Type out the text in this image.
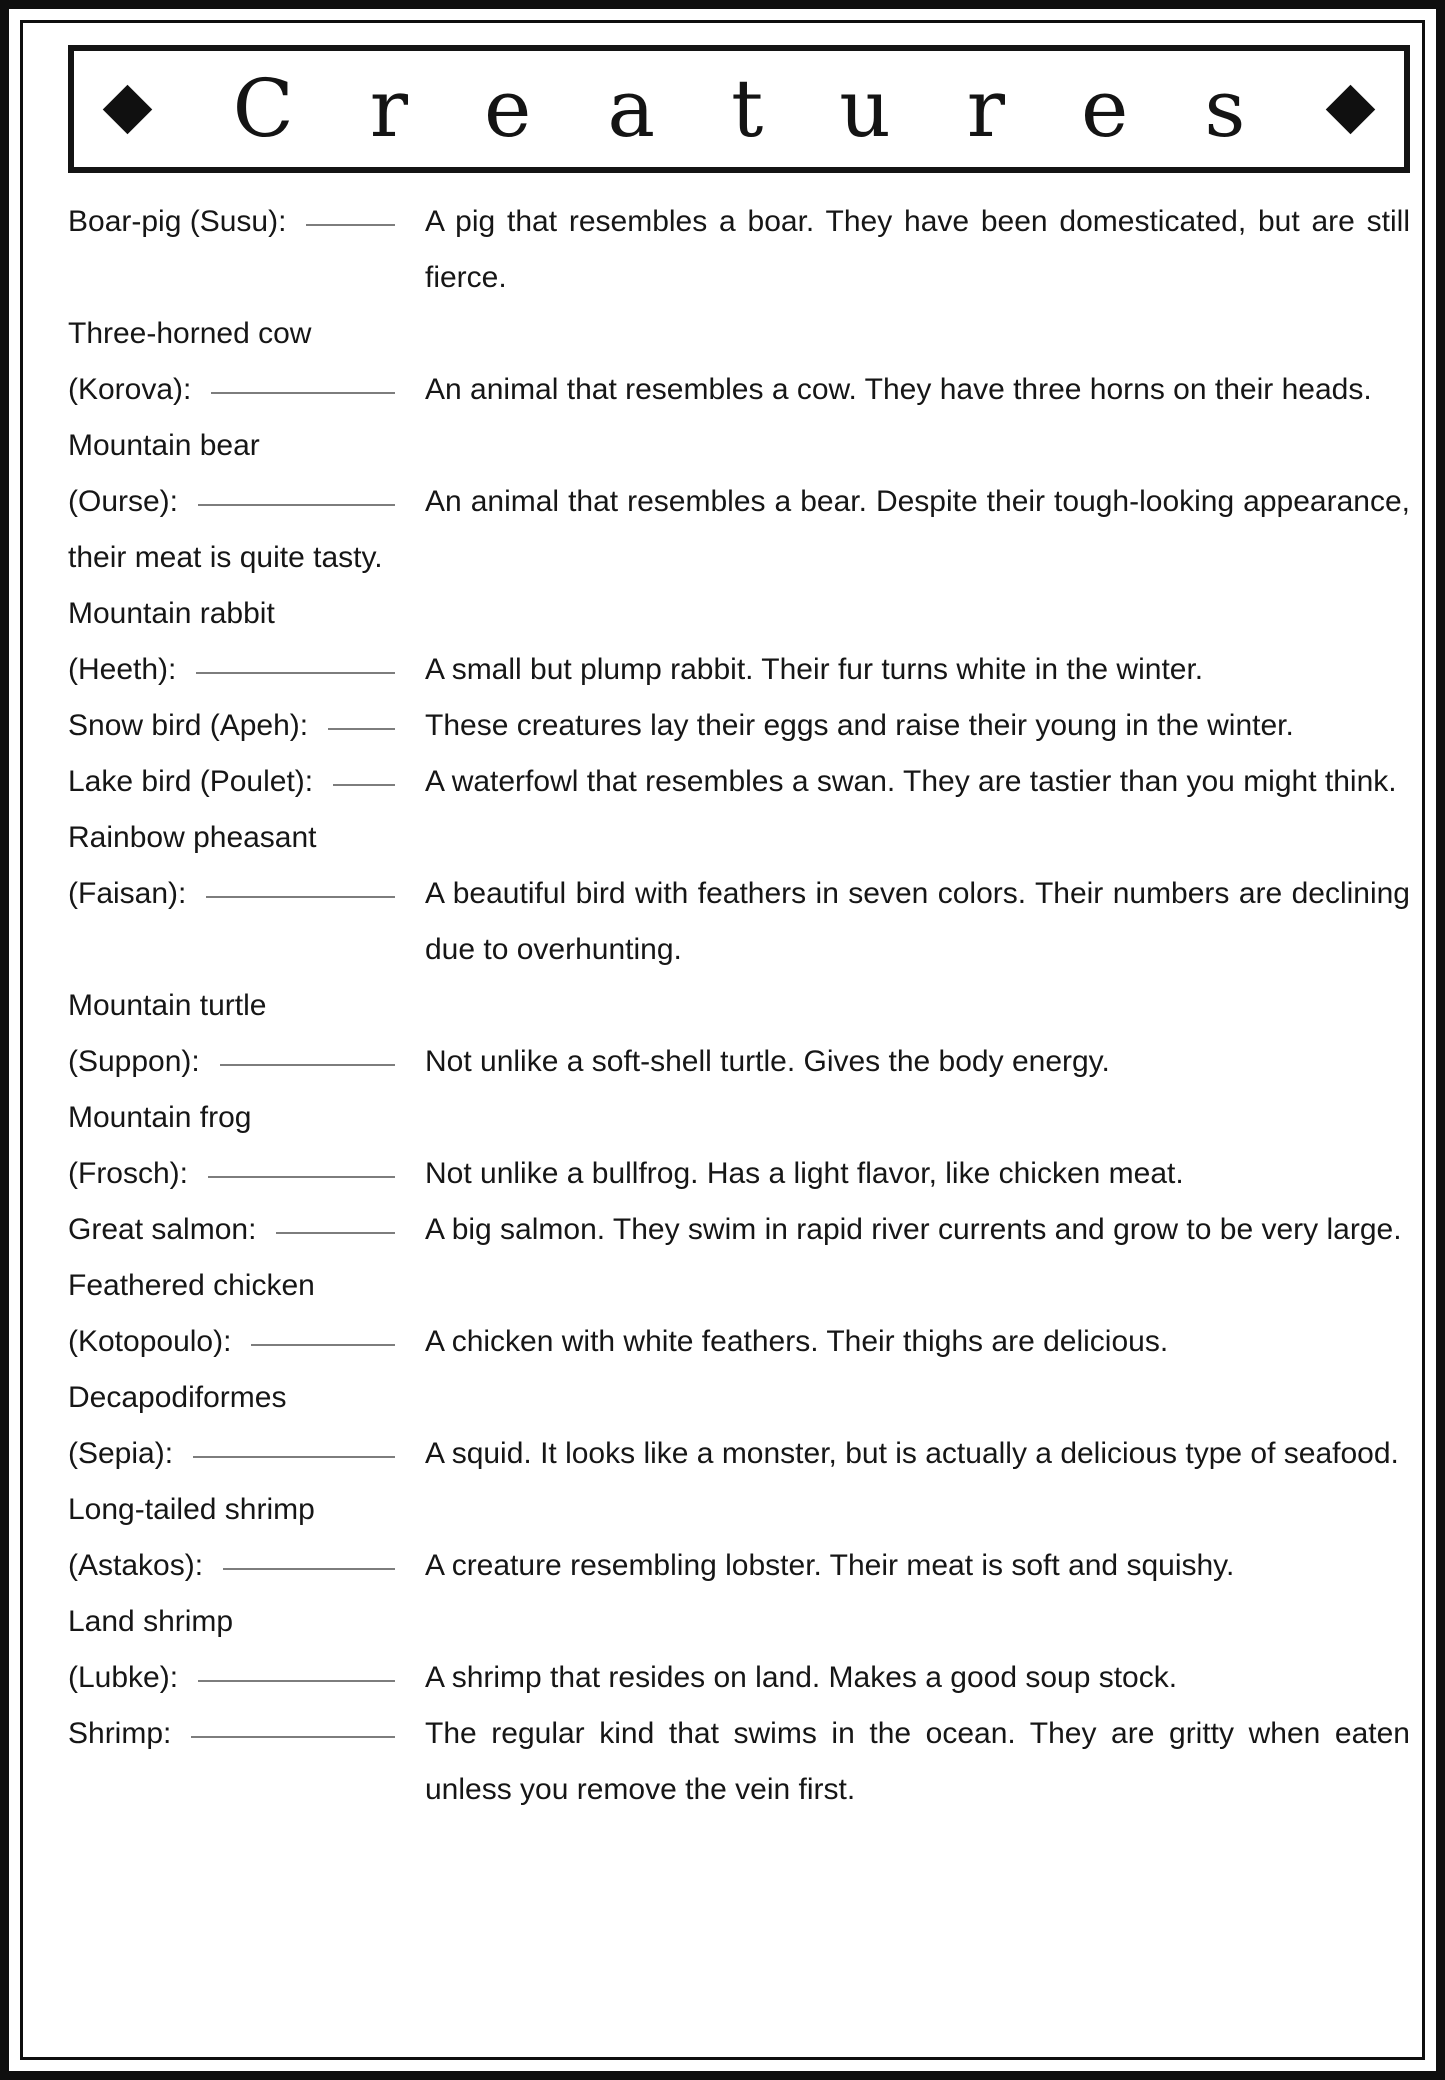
Creatures

Boar-pig (Susu):	A pig that resembles a boar. They have been domesticated, but are still fierce.

Three-horned cow

(Korova):	An animal that resembles a cow. They have three horns on their heads.

Mountain bear

(Ourse):	An animal that resembles a bear. Despite their tough-looking appearance, their meat is quite tasty.

Mountain rabbit

(Heeth):	A small but plump rabbit. Their fur turns white in the winter.

Snow bird (Apeh):	These creatures lay their eggs and raise their young in the winter.

Lake bird (Poulet):	A waterfowl that resembles a swan. They are tastier than you might think.

Rainbow pheasant

(Faisan):	A beautiful bird with feathers in seven colors. Their numbers are declining due to overhunting.

Mountain turtle

(Suppon):	Not unlike a soft-shell turtle. Gives the body energy.

Mountain frog

(Frosch):	Not unlike a bullfrog. Has a light flavor, like chicken meat.

Great salmon:	A big salmon. They swim in rapid river currents and grow to be very large.

Feathered chicken

(Kotopoulo):	A chicken with white feathers. Their thighs are delicious.

Decapodiformes

(Sepia):	A squid. It looks like a monster, but is actually a delicious type of seafood.

Long-tailed shrimp

(Astakos):	A creature resembling lobster. Their meat is soft and squishy.

Land shrimp

(Lubke):	A shrimp that resides on land. Makes a good soup stock.

Shrimp:	The regular kind that swims in the ocean. They are gritty when eaten unless you remove the vein first.
